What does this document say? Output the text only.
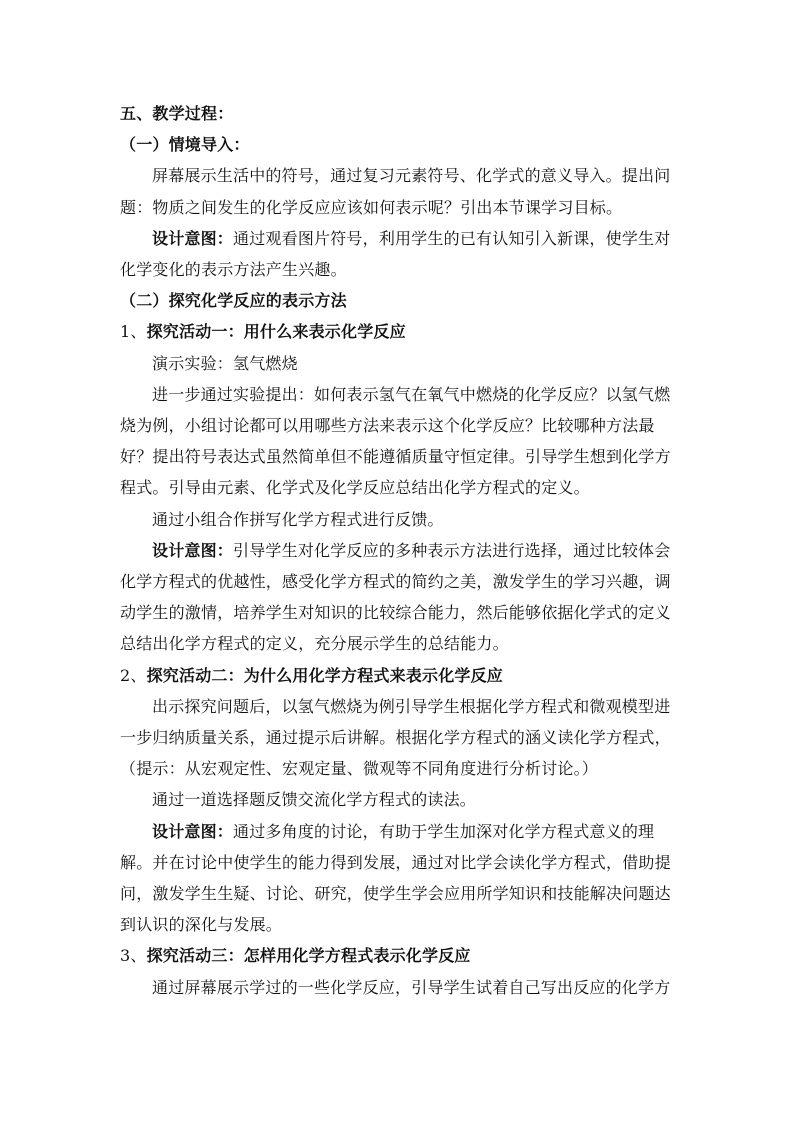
五、教学过程：
（一）情境导入：
屏幕展示生活中的符号，通过复习元素符号、化学式的意义导入。提出问
题：物质之间发生的化学反应应该如何表示呢？引出本节课学习目标。
设计意图：通过观看图片符号，利用学生的已有认知引入新课，使学生对
化学变化的表示方法产生兴趣。
（二）探究化学反应的表示方法
1、探究活动一：用什么来表示化学反应
演示实验：氢气燃烧
进一步通过实验提出：如何表示氢气在氧气中燃烧的化学反应？以氢气燃
烧为例，小组讨论都可以用哪些方法来表示这个化学反应？比较哪种方法最
好？提出符号表达式虽然简单但不能遵循质量守恒定律。引导学生想到化学方
程式。引导由元素、化学式及化学反应总结出化学方程式的定义。
通过小组合作拼写化学方程式进行反馈。
设计意图：引导学生对化学反应的多种表示方法进行选择，通过比较体会
化学方程式的优越性，感受化学方程式的简约之美，激发学生的学习兴趣，调
动学生的激情，培养学生对知识的比较综合能力，然后能够依据化学式的定义
总结出化学方程式的定义，充分展示学生的总结能力。
2、探究活动二：为什么用化学方程式来表示化学反应
出示探究问题后，以氢气燃烧为例引导学生根据化学方程式和微观模型进
一步归纳质量关系，通过提示后讲解。根据化学方程式的涵义读化学方程式，
（提示：从宏观定性、宏观定量、微观等不同角度进行分析讨论。）
通过一道选择题反馈交流化学方程式的读法。
设计意图：通过多角度的讨论，有助于学生加深对化学方程式意义的理
解。并在讨论中使学生的能力得到发展，通过对比学会读化学方程式，借助提
问，激发学生生疑、讨论、研究，使学生学会应用所学知识和技能解决问题达
到认识的深化与发展。
3、探究活动三：怎样用化学方程式表示化学反应
通过屏幕展示学过的一些化学反应，引导学生试着自己写出反应的化学方
